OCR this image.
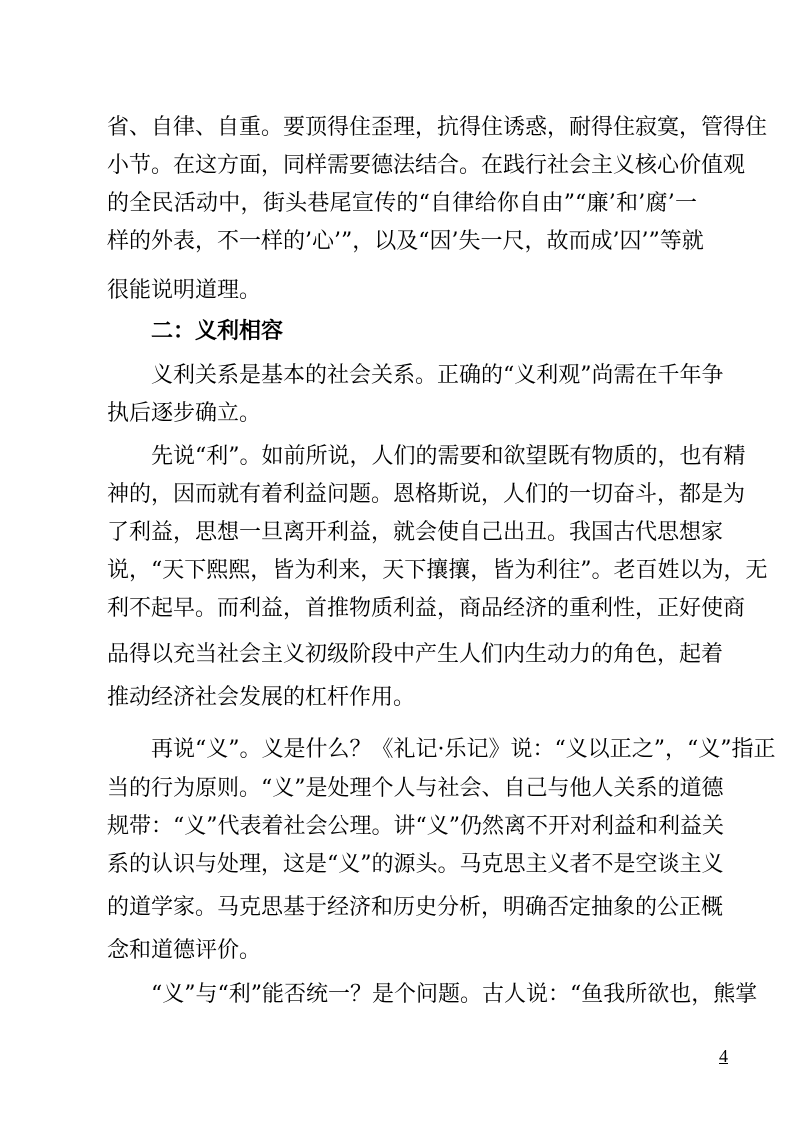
省、自律、自重。要顶得住歪理，抗得住诱惑，耐得住寂寞，管得住
小节。在这方面，同样需要德法结合。在践行社会主义核心价值观
的全民活动中，街头巷尾宣传的“自律给你自由”“廉’和’腐’一
样的外表，不一样的’心’”，以及“因’失一尺，故而成’囚’”等就
很能说明道理。
二：义利相容
义利关系是基本的社会关系。正确的“义利观”尚需在千年争
执后逐步确立。
先说“利”。如前所说，人们的需要和欲望既有物质的，也有精
神的，因而就有着利益问题。恩格斯说，人们的一切奋斗，都是为
了利益，思想一旦离开利益，就会使自己出丑。我国古代思想家
说，“天下熙熙，皆为利来，天下攘攘，皆为利往”。老百姓以为，无
利不起早。而利益，首推物质利益，商品经济的重利性，正好使商
品得以充当社会主义初级阶段中产生人们内生动力的角色，起着
推动经济社会发展的杠杆作用。
再说“义”。义是什么？《礼记·乐记》说：“义以正之”，“义”指正
当的行为原则。“义”是处理个人与社会、自己与他人关系的道德
规带：“义”代表着社会公理。讲“义”仍然离不开对利益和利益关
系的认识与处理，这是“义”的源头。马克思主义者不是空谈主义
的道学家。马克思基于经济和历史分析，明确否定抽象的公正概
念和道德评价。
“义”与“利”能否统一？是个问题。古人说：“鱼我所欲也，熊掌
4
